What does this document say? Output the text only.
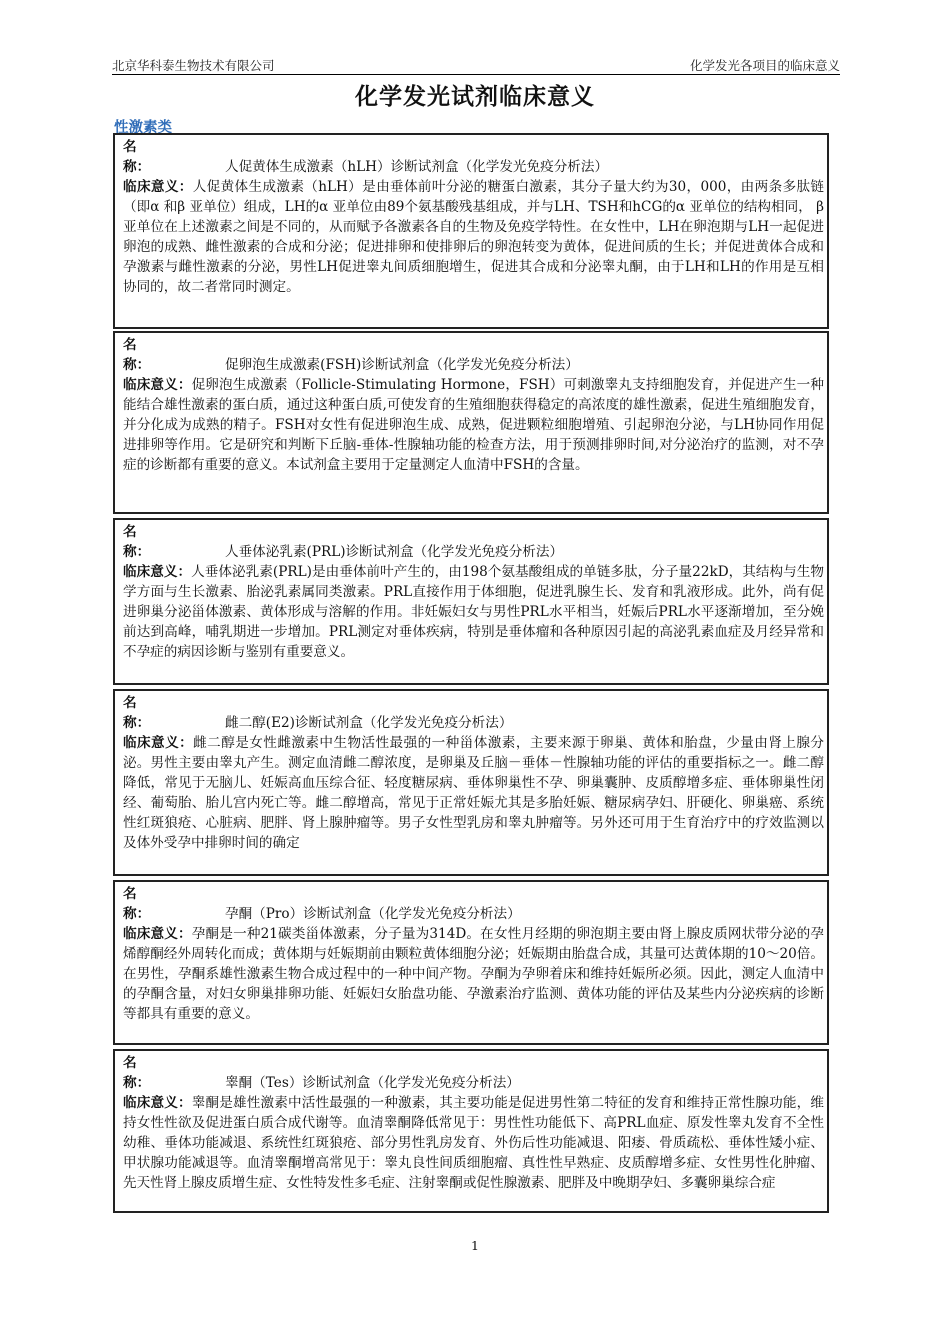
北京华科泰生物技术有限公司	化学发光各项目的临床意义
化学发光试剂临床意义
性激素类
名称：	人促黄体生成激素（hLH）诊断试剂盒（化学发光免疫分析法）
临床意义：人促黄体生成激素（hLH）是由垂体前叶分泌的糖蛋白激素，其分子量大约为30，000，由两条多肽链（即α 和β 亚单位）组成，LH的α 亚单位由89个氨基酸残基组成，并与LH、TSH和hCG的α 亚单位的结构相同， β 亚单位在上述激素之间是不同的，从而赋予各激素各自的生物及免疫学特性。在女性中，LH在卵泡期与LH一起促进卵泡的成熟、雌性激素的合成和分泌；促进排卵和使排卵后的卵泡转变为黄体，促进间质的生长；并促进黄体合成和孕激素与雌性激素的分泌，男性LH促进睾丸间质细胞增生，促进其合成和分泌睾丸酮，由于LH和LH的作用是互相协同的，故二者常同时测定。
名称：	促卵泡生成激素(FSH)诊断试剂盒（化学发光免疫分析法）
临床意义：促卵泡生成激素（Follicle-Stimulating Hormone，FSH）可刺激睾丸支持细胞发育，并促进产生一种能结合雄性激素的蛋白质，通过这种蛋白质,可使发育的生殖细胞获得稳定的高浓度的雄性激素，促进生殖细胞发育，并分化成为成熟的精子。FSH对女性有促进卵泡生成、成熟，促进颗粒细胞增殖、引起卵泡分泌，与LH协同作用促进排卵等作用。它是研究和判断下丘脑-垂体-性腺轴功能的检查方法，用于预测排卵时间,对分泌治疗的监测，对不孕症的诊断都有重要的意义。本试剂盒主要用于定量测定人血清中FSH的含量。
名称：	人垂体泌乳素(PRL)诊断试剂盒（化学发光免疫分析法）
临床意义：人垂体泌乳素(PRL)是由垂体前叶产生的，由198个氨基酸组成的单链多肽，分子量22kD，其结构与生物学方面与生长激素、胎泌乳素属同类激素。PRL直接作用于体细胞，促进乳腺生长、发育和乳液形成。此外，尚有促进卵巢分泌甾体激素、黄体形成与溶解的作用。非妊娠妇女与男性PRL水平相当，妊娠后PRL水平逐渐增加，至分娩前达到高峰，哺乳期进一步增加。PRL测定对垂体疾病，特别是垂体瘤和各种原因引起的高泌乳素血症及月经异常和不孕症的病因诊断与鉴别有重要意义。
名称：	雌二醇(E2)诊断试剂盒（化学发光免疫分析法）
临床意义：雌二醇是女性雌激素中生物活性最强的一种甾体激素，主要来源于卵巢、黄体和胎盘，少量由肾上腺分泌。男性主要由睾丸产生。测定血清雌二醇浓度，是卵巢及丘脑－垂体－性腺轴功能的评估的重要指标之一。雌二醇降低，常见于无脑儿、妊娠高血压综合征、轻度糖尿病、垂体卵巢性不孕、卵巢囊肿、皮质醇增多症、垂体卵巢性闭经、葡萄胎、胎儿宫内死亡等。雌二醇增高，常见于正常妊娠尤其是多胎妊娠、糖尿病孕妇、肝硬化、卵巢癌、系统性红斑狼疮、心脏病、肥胖、肾上腺肿瘤等。男子女性型乳房和睾丸肿瘤等。另外还可用于生育治疗中的疗效监测以及体外受孕中排卵时间的确定
名称：	孕酮（Pro）诊断试剂盒（化学发光免疫分析法）
临床意义：孕酮是一种21碳类甾体激素，分子量为314D。在女性月经期的卵泡期主要由肾上腺皮质网状带分泌的孕烯醇酮经外周转化而成；黄体期与妊娠期前由颗粒黄体细胞分泌；妊娠期由胎盘合成，其量可达黄体期的10～20倍。在男性，孕酮系雄性激素生物合成过程中的一种中间产物。孕酮为孕卵着床和维持妊娠所必须。因此，测定人血清中的孕酮含量，对妇女卵巢排卵功能、妊娠妇女胎盘功能、孕激素治疗监测、黄体功能的评估及某些内分泌疾病的诊断等都具有重要的意义。
名称：	睾酮（Tes）诊断试剂盒（化学发光免疫分析法）
临床意义：睾酮是雄性激素中活性最强的一种激素，其主要功能是促进男性第二特征的发育和维持正常性腺功能，维持女性性欲及促进蛋白质合成代谢等。血清睾酮降低常见于：男性性功能低下、高PRL血症、原发性睾丸发育不全性幼稚、垂体功能减退、系统性红斑狼疮、部分男性乳房发育、外伤后性功能减退、阳痿、骨质疏松、垂体性矮小症、甲状腺功能减退等。血清睾酮增高常见于：睾丸良性间质细胞瘤、真性性早熟症、皮质醇增多症、女性男性化肿瘤、先天性肾上腺皮质增生症、女性特发性多毛症、注射睾酮或促性腺激素、肥胖及中晚期孕妇、多囊卵巢综合症
1
